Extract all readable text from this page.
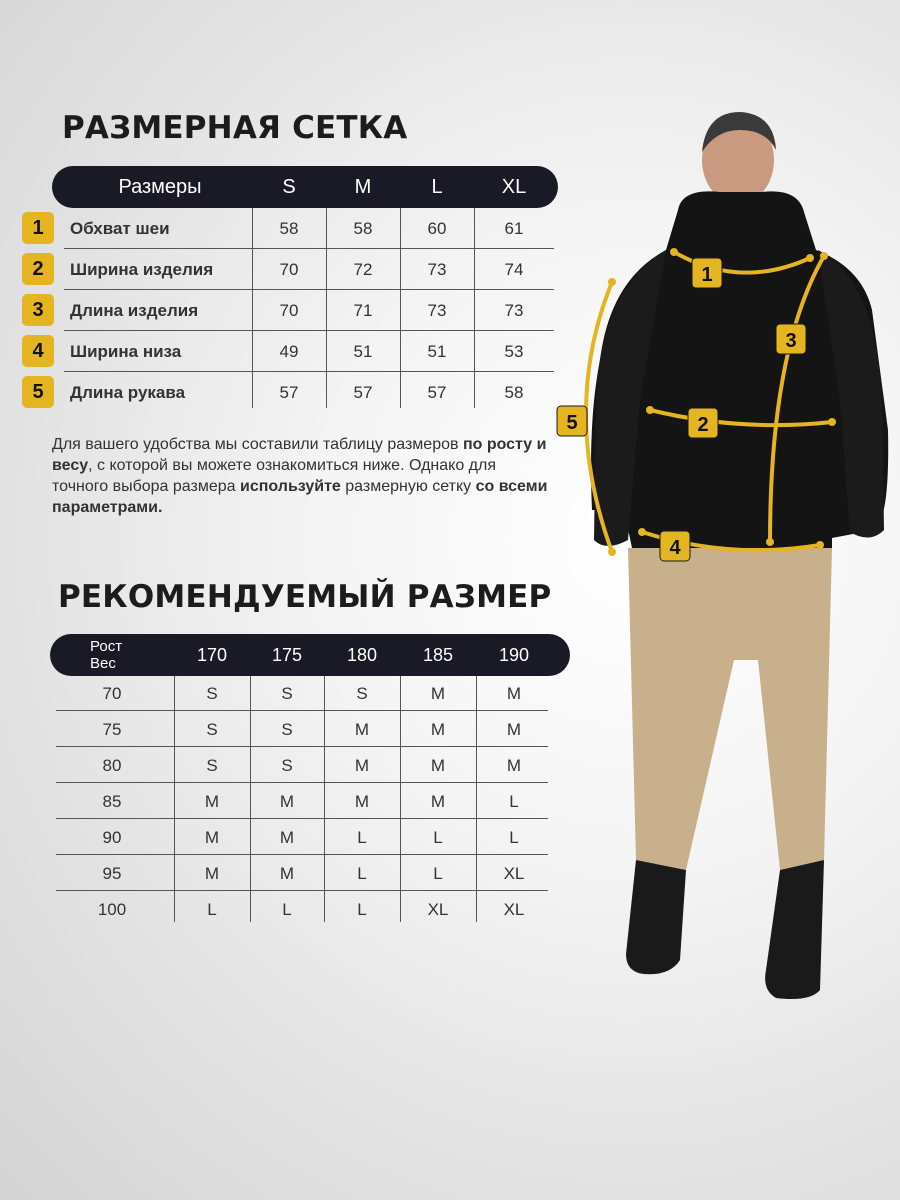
РАЗМЕРНАЯ СЕТКА
Размеры	S	M	L	XL
1	Обхват шеи	58	58	60	61
2	Ширина изделия	70	72	73	74
3	Длина изделия	70	71	73	73
4	Ширина низа	49	51	51	53
5	Длина рукава	57	57	57	58

Для вашего удобства мы составили таблицу размеров по росту и весу, с которой вы можете ознакомиться ниже. Однако для точного выбора размера используйте размерную сетку со всеми параметрами.

РЕКОМЕНДУЕМЫЙ РАЗМЕР
Рост
Вес	170	175	180	185	190
70	S	S	S	M	M
75	S	S	M	M	M
80	S	S	M	M	M
85	M	M	M	M	L
90	M	M	L	L	L
95	M	M	L	L	XL
100	L	L	L	XL	XL
1
2
3
4
5
